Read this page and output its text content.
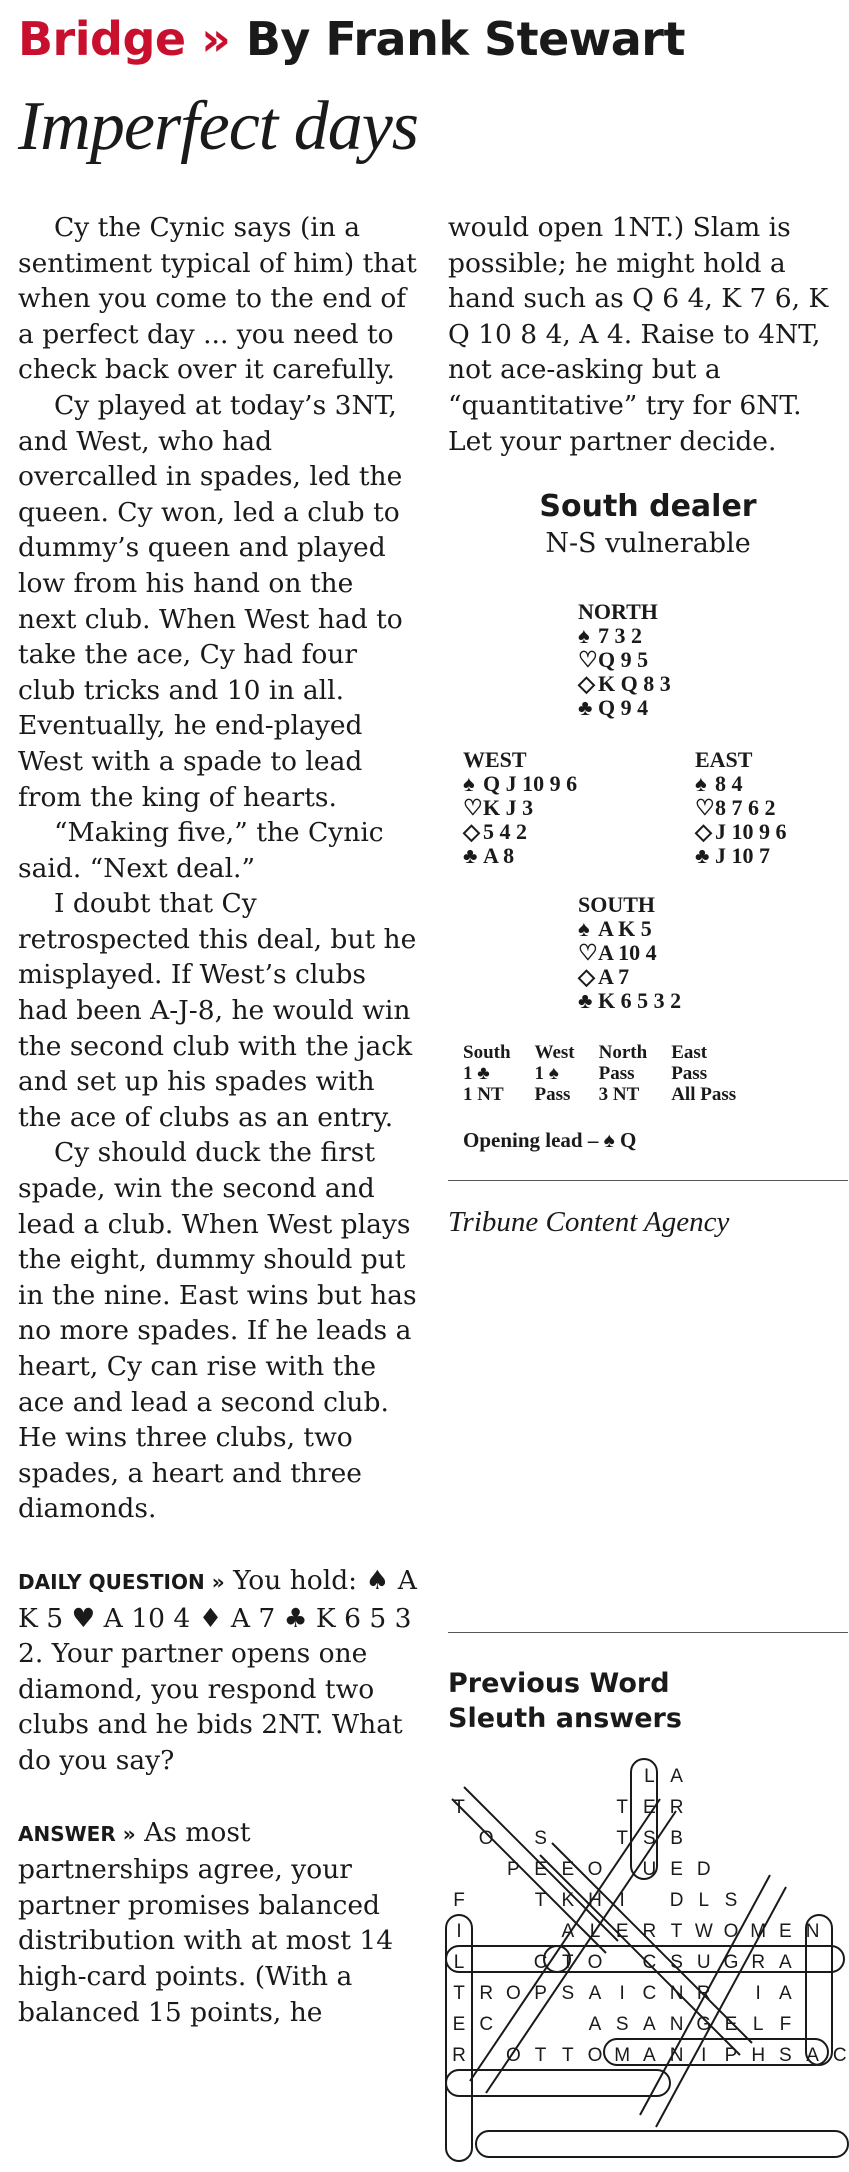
Bridge » By Frank Stewart
Imperfect days

Cy the Cynic says (in a sentiment typical of him) that when you come to the end of a perfect day ... you need to check back over it carefully.

Cy played at today’s 3NT, and West, who had overcalled in spades, led the queen. Cy won, led a club to dummy’s queen and played low from his hand on the next club. When West had to take the ace, Cy had four club tricks and 10 in all. Eventually, he end-played West with a spade to lead from the king of hearts.

“Making five,” the Cynic said. “Next deal.”

I doubt that Cy retrospected this deal, but he misplayed. If West’s clubs had been A-J-8, he would win the second club with the jack and set up his spades with the ace of clubs as an entry.

Cy should duck the first spade, win the second and lead a club. When West plays the eight, dummy should put in the nine. East wins but has no more spades. If he leads a heart, Cy can rise with the ace and lead a second club. He wins three clubs, two spades, a heart and three diamonds.

DAILY QUESTION » You hold: ♠ A K 5 ♥ A 10 4 ♦ A 7 ♣ K 6 5 3 2. Your partner opens one diamond, you respond two clubs and he bids 2NT. What do you say?

ANSWER » As most partnerships agree, your partner promises balanced distribution with at most 14 high-card points. (With a balanced 15 points, he

would open 1NT.) Slam is possible; he might hold a hand such as Q 6 4, K 7 6, K Q 10 8 4, A 4. Raise to 4NT, not ace-asking but a “quantitative” try for 6NT. Let your partner decide.

South dealer
N-S vulnerable
NORTH
♠ 7 3 2
♡Q 9 5
◇ K Q 8 3
♣ Q 9 4
WEST
♠ Q J 10 9 6
♡K J 3
◇ 5 4 2
♣ A 8
EAST
♠ 8 4
♡8 7 6 2
◇ J 10 9 6
♣ J 10 7
SOUTH
♠ A K 5
♡A 10 4
◇ A 7
♣ K 6 5 3 2
South	West	North	East
1 ♣	1 ♠	Pass	Pass
1 NT	Pass	3 NT	All Pass
Opening lead – ♠ Q
Tribune Content Agency
Previous Word
Sleuth answers
L A
T	T E R
O S	T S B
P E E O U E D
F	T K H I D L S
I	A L E R T W O M E N
L	C T O C S U G R A
T R O P S A I C N R I A
E C	A S A N G E L F
R O T T O M A N I P H S A C
